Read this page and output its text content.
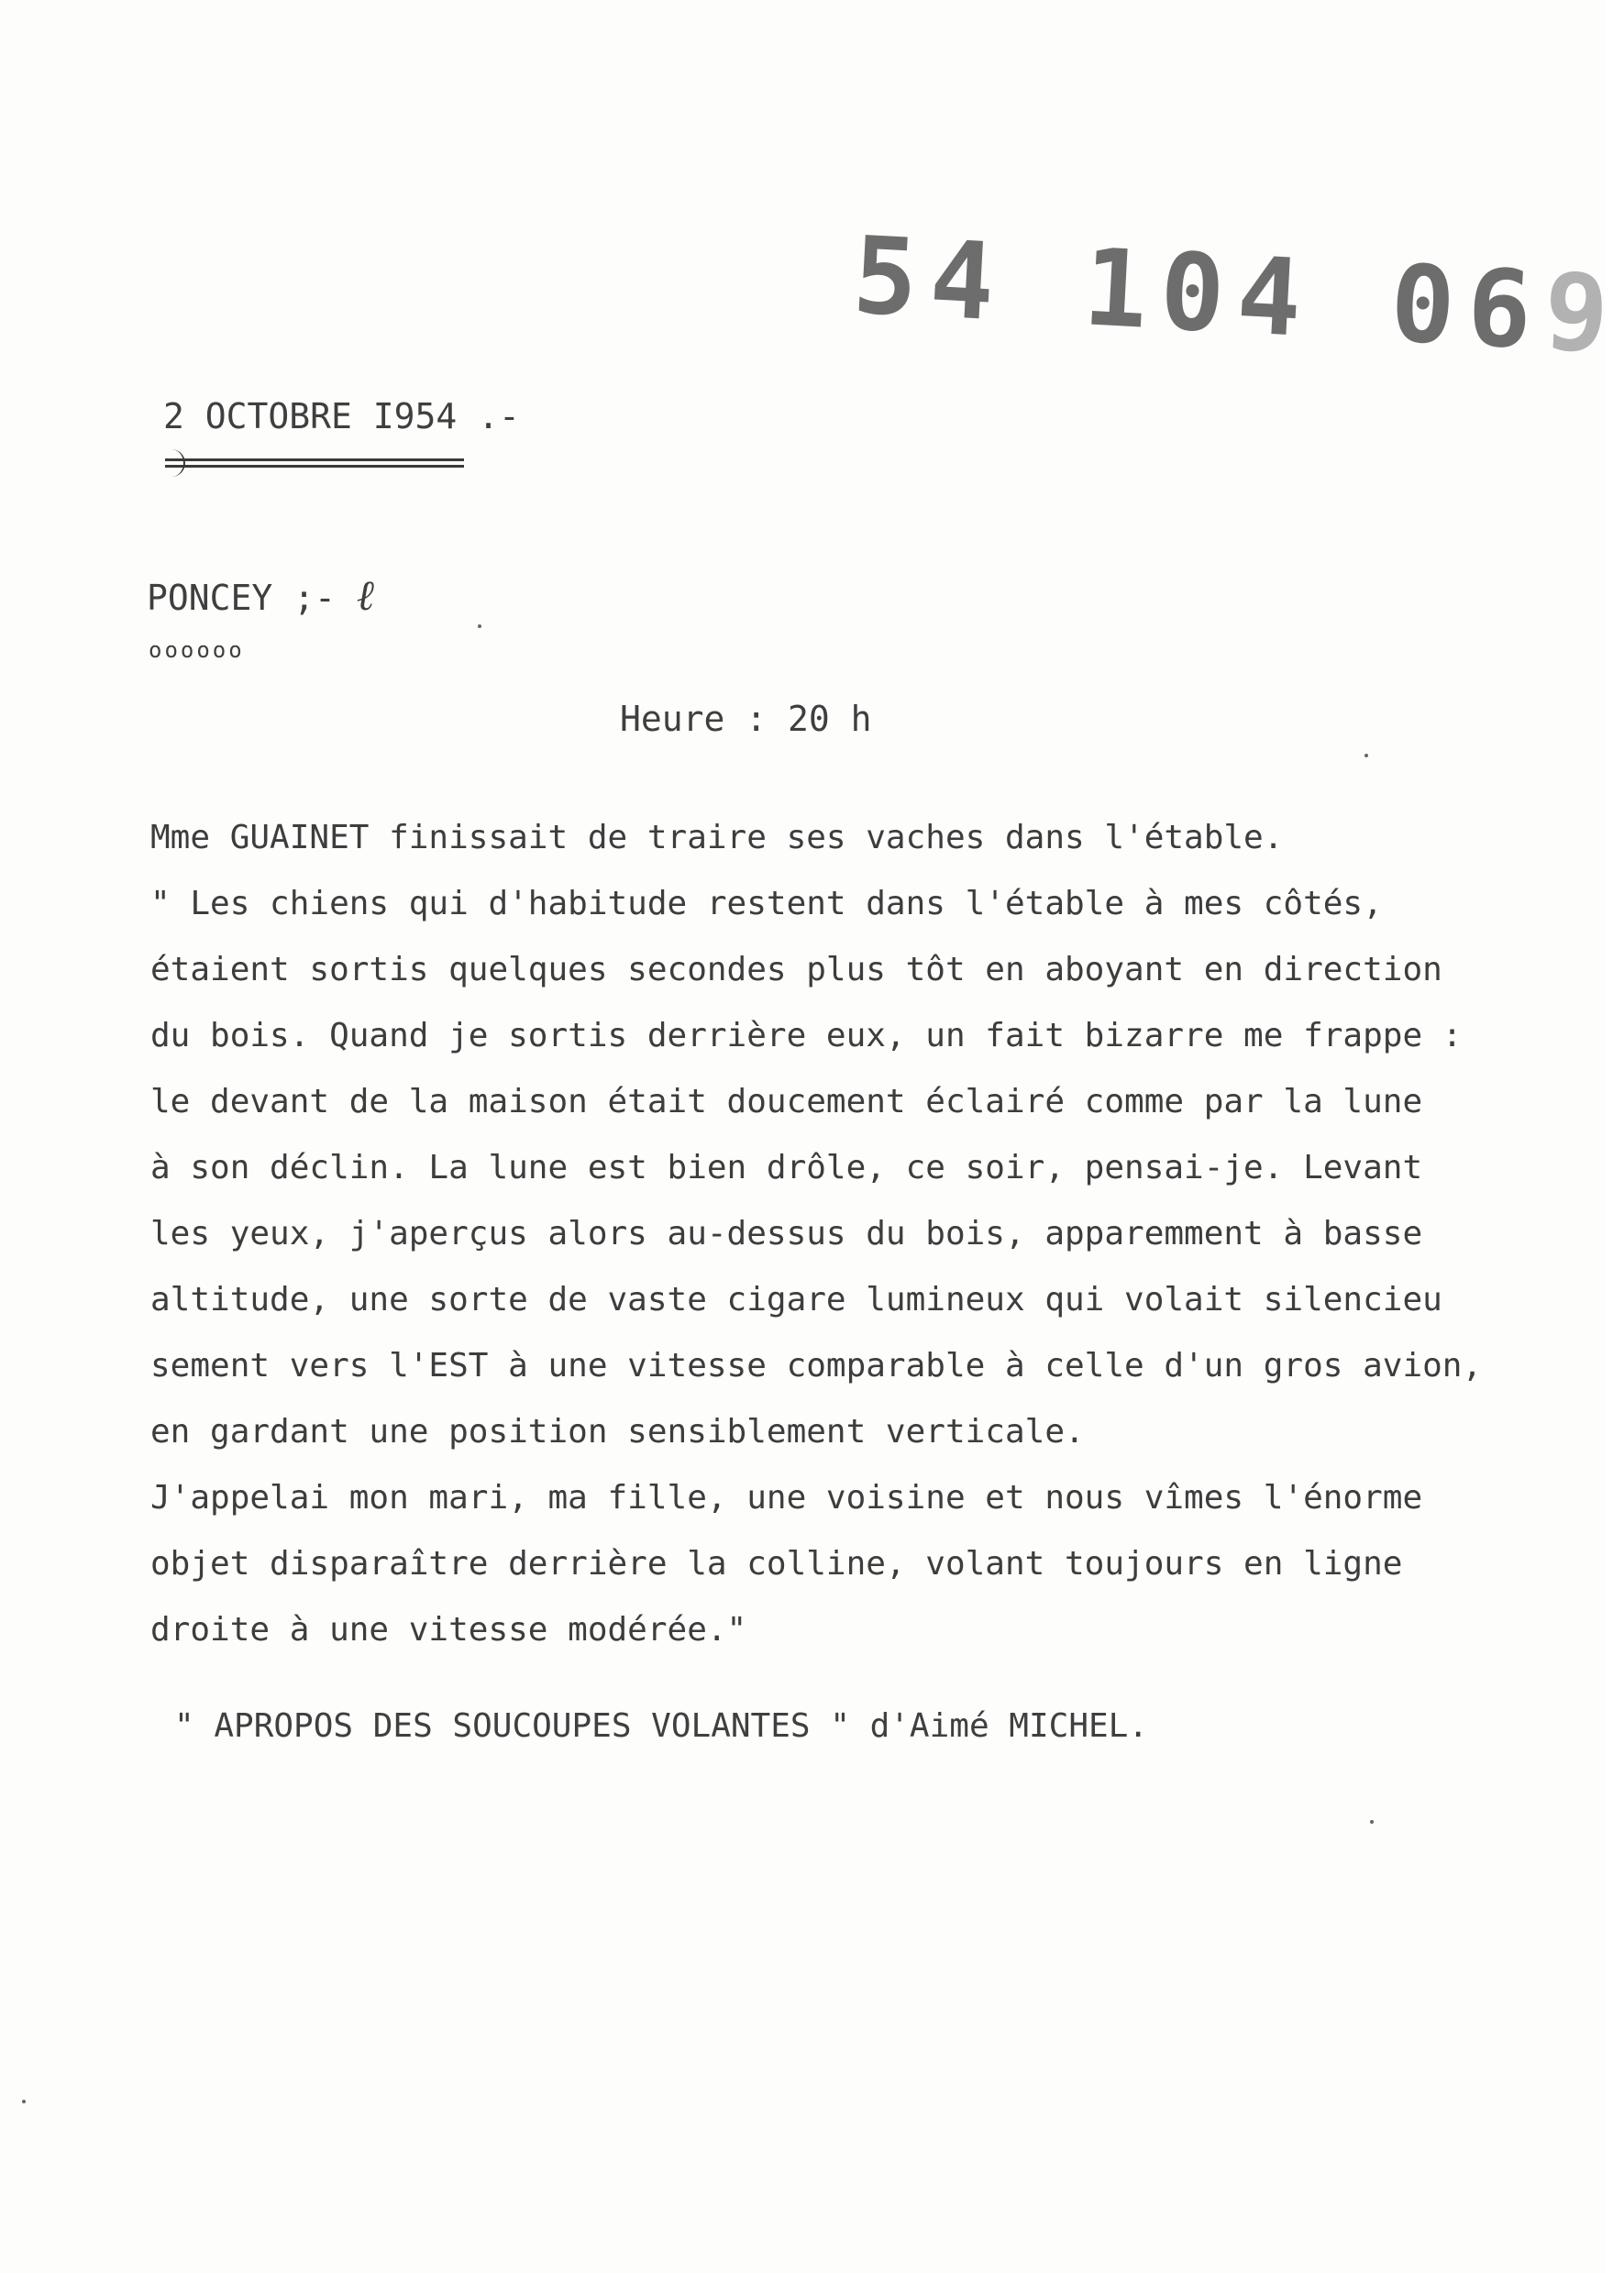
54 104 069
2 OCTOBRE I954 .-
PONCEY ;- ℓ
oooooo
Heure : 20 h
Mme GUAINET finissait de traire ses vaches dans l'étable.
" Les chiens qui d'habitude restent dans l'étable à mes côtés,
étaient sortis quelques secondes plus tôt en aboyant en direction
du bois. Quand je sortis derrière eux, un fait bizarre me frappe :
le devant de la maison était doucement éclairé comme par la lune
à son déclin. La lune est bien drôle, ce soir, pensai-je. Levant
les yeux, j'aperçus alors au-dessus du bois, apparemment à basse
altitude, une sorte de vaste cigare lumineux qui volait silencieu
sement vers l'EST à une vitesse comparable à celle d'un gros avion,
en gardant une position sensiblement verticale.
J'appelai mon mari, ma fille, une voisine et nous vîmes l'énorme
objet disparaître derrière la colline, volant toujours en ligne
droite à une vitesse modérée."
" APROPOS DES SOUCOUPES VOLANTES " d'Aimé MICHEL.
